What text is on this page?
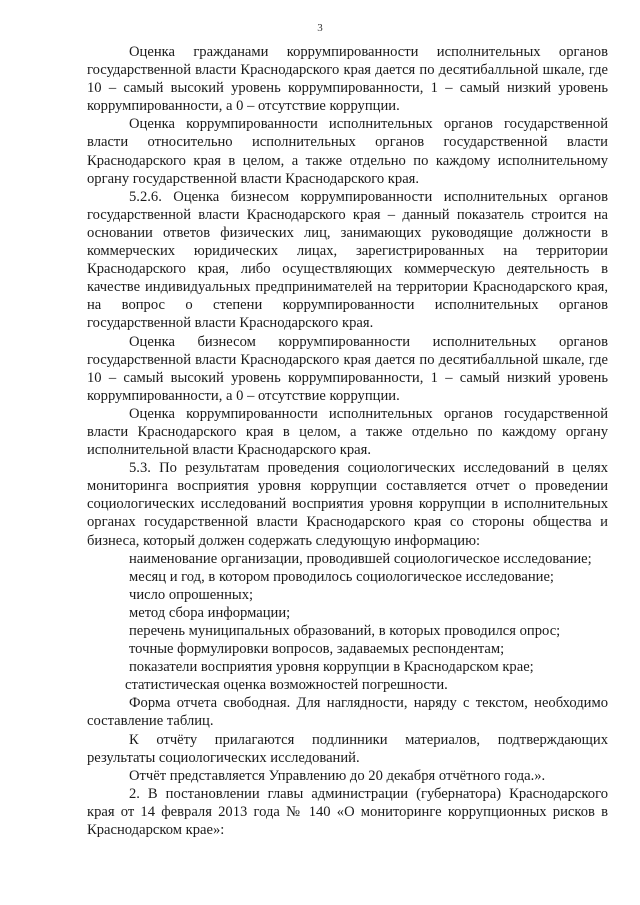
3

Оценка гражданами коррумпированности исполнительных органов государственной власти Краснодарского края дается по десятибалльной шкале, где 10 – самый высокий уровень коррумпированности, 1 – самый низкий уровень коррумпированности, а 0 – отсутствие коррупции.

Оценка коррумпированности исполнительных органов государственной власти относительно исполнительных органов государственной власти Краснодарского края в целом, а также отдельно по каждому исполнительному органу государственной власти Краснодарского края.

5.2.6. Оценка бизнесом коррумпированности исполнительных органов государственной власти Краснодарского края – данный показатель строится на основании ответов физических лиц, занимающих руководящие должности в коммерческих юридических лицах, зарегистрированных на территории Краснодарского края, либо осуществляющих коммерческую деятельность в качестве индивидуальных предпринимателей на территории Краснодарского края, на вопрос о степени коррумпированности исполнительных органов государственной власти Краснодарского края.

Оценка бизнесом коррумпированности исполнительных органов государственной власти Краснодарского края дается по десятибалльной шкале, где 10 – самый высокий уровень коррумпированности, 1 – самый низкий уровень коррумпированности, а 0 – отсутствие коррупции.

Оценка коррумпированности исполнительных органов государственной власти Краснодарского края в целом, а также отдельно по каждому органу исполнительной власти Краснодарского края.

5.3. По результатам проведения социологических исследований в целях мониторинга восприятия уровня коррупции составляется отчет о проведении социологических исследований восприятия уровня коррупции в исполнительных органах государственной власти Краснодарского края со стороны общества и бизнеса, который должен содержать следующую информацию:

наименование организации, проводившей социологическое исследование;
месяц и год, в котором проводилось социологическое исследование;
число опрошенных;
метод сбора информации;
перечень муниципальных образований, в которых проводился опрос;
точные формулировки вопросов, задаваемых респондентам;
показатели восприятия уровня коррупции в Краснодарском крае;
статистическая оценка возможностей погрешности.

Форма отчета свободная. Для наглядности, наряду с текстом, необходимо составление таблиц.

К отчёту прилагаются подлинники материалов, подтверждающих результаты социологических исследований.

Отчёт представляется Управлению до 20 декабря отчётного года.».

2. В постановлении главы администрации (губернатора) Краснодарского края от 14 февраля 2013 года № 140 «О мониторинге коррупционных рисков в Краснодарском крае»:
